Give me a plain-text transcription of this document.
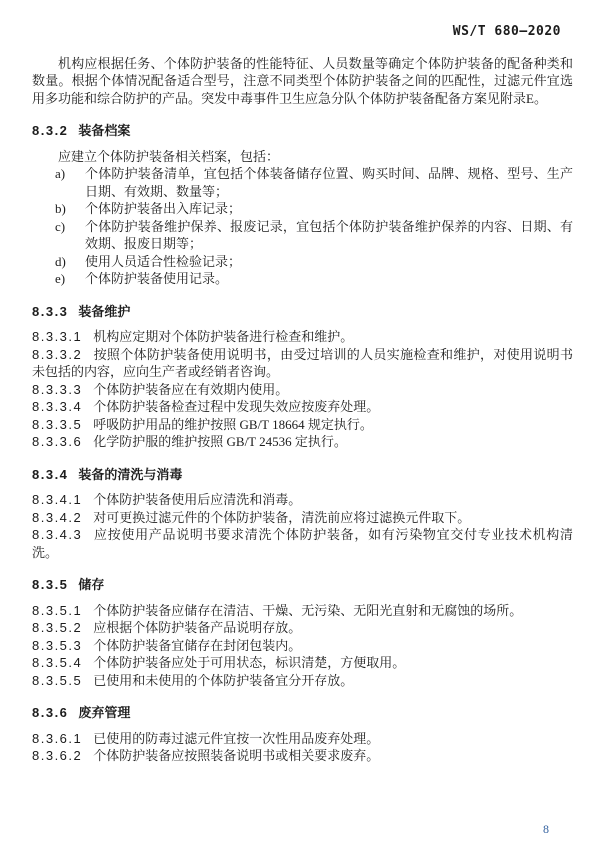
WS/T 680—2020

机构应根据任务、个体防护装备的性能特征、人员数量等确定个体防护装备的配备种类和数量。根据个体情况配备适合型号，注意不同类型个体防护装备之间的匹配性，过滤元件宜选用多功能和综合防护的产品。突发中毒事件卫生应急分队个体防护装备配备方案见附录E。

8.3.2 装备档案

应建立个体防护装备相关档案，包括：

a)	个体防护装备清单，宜包括个体装备储存位置、购买时间、品牌、规格、型号、生产日期、有效期、数量等；
b)	个体防护装备出入库记录；
c)	个体防护装备维护保养、报废记录，宜包括个体防护装备维护保养的内容、日期、有效期、报废日期等；
d)	使用人员适合性检验记录；
e)	个体防护装备使用记录。
8.3.3 装备维护

8.3.3.1 机构应定期对个体防护装备进行检查和维护。

8.3.3.2 按照个体防护装备使用说明书，由受过培训的人员实施检查和维护，对使用说明书未包括的内容，应向生产者或经销者咨询。

8.3.3.3 个体防护装备应在有效期内使用。

8.3.3.4 个体防护装备检查过程中发现失效应按废弃处理。

8.3.3.5 呼吸防护用品的维护按照 GB/T 18664 规定执行。

8.3.3.6 化学防护服的维护按照 GB/T 24536 定执行。

8.3.4 装备的清洗与消毒

8.3.4.1 个体防护装备使用后应清洗和消毒。

8.3.4.2 对可更换过滤元件的个体防护装备，清洗前应将过滤换元件取下。

8.3.4.3 应按使用产品说明书要求清洗个体防护装备，如有污染物宜交付专业技术机构清洗。

8.3.5 储存

8.3.5.1 个体防护装备应储存在清洁、干燥、无污染、无阳光直射和无腐蚀的场所。

8.3.5.2 应根据个体防护装备产品说明存放。

8.3.5.3 个体防护装备宜储存在封闭包装内。

8.3.5.4 个体防护装备应处于可用状态，标识清楚，方便取用。

8.3.5.5 已使用和未使用的个体防护装备宜分开存放。

8.3.6 废弃管理

8.3.6.1 已使用的防毒过滤元件宜按一次性用品废弃处理。

8.3.6.2 个体防护装备应按照装备说明书或相关要求废弃。

8
